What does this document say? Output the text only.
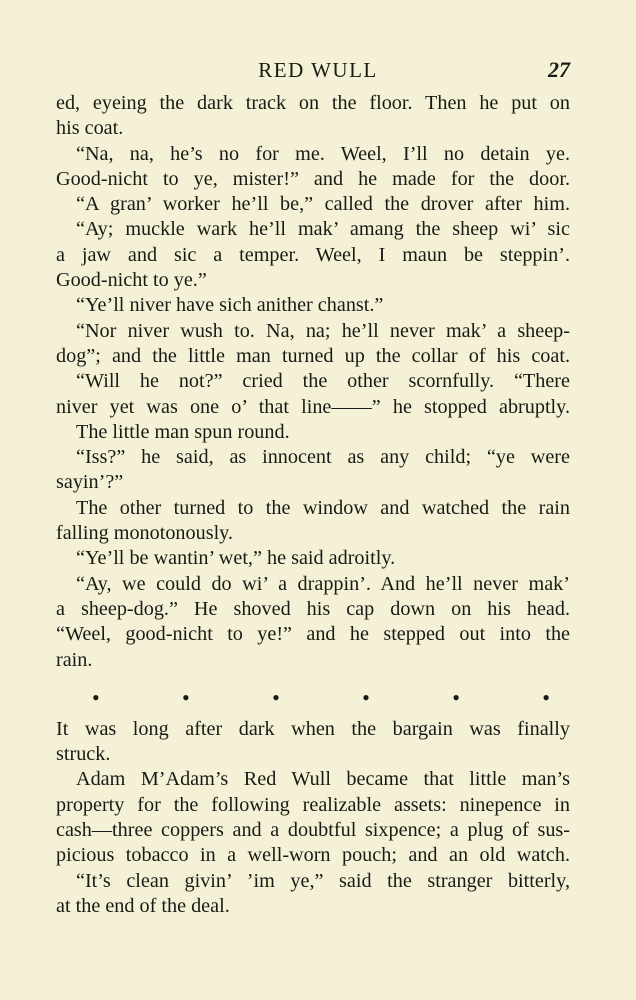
RED WULL	27
ed, eyeing the dark track on the floor. Then he put on
his coat.
“Na, na, he’s no for me. Weel, I’ll no detain ye.
Good-nicht to ye, mister!” and he made for the door.
“A gran’ worker he’ll be,” called the drover after him.
“Ay; muckle wark he’ll mak’ amang the sheep wi’ sic
a jaw and sic a temper. Weel, I maun be steppin’.
Good-nicht to ye.”
“Ye’ll niver have sich anither chanst.”
“Nor niver wush to. Na, na; he’ll never mak’ a sheep-
dog”; and the little man turned up the collar of his coat.
“Will he not?” cried the other scornfully. “There
niver yet was one o’ that line——” he stopped abruptly.
The little man spun round.
“Iss?” he said, as innocent as any child; “ye were
sayin’?”
The other turned to the window and watched the rain
falling monotonously.
“Ye’ll be wantin’ wet,” he said adroitly.
“Ay, we could do wi’ a drappin’. And he’ll never mak’
a sheep-dog.” He shoved his cap down on his head.
“Weel, good-nicht to ye!” and he stepped out into the
rain.
•	•	•	•	•	•
It was long after dark when the bargain was finally
struck.
Adam M’Adam’s Red Wull became that little man’s
property for the following realizable assets: ninepence in
cash—three coppers and a doubtful sixpence; a plug of sus-
picious tobacco in a well-worn pouch; and an old watch.
“It’s clean givin’ ’im ye,” said the stranger bitterly,
at the end of the deal.
